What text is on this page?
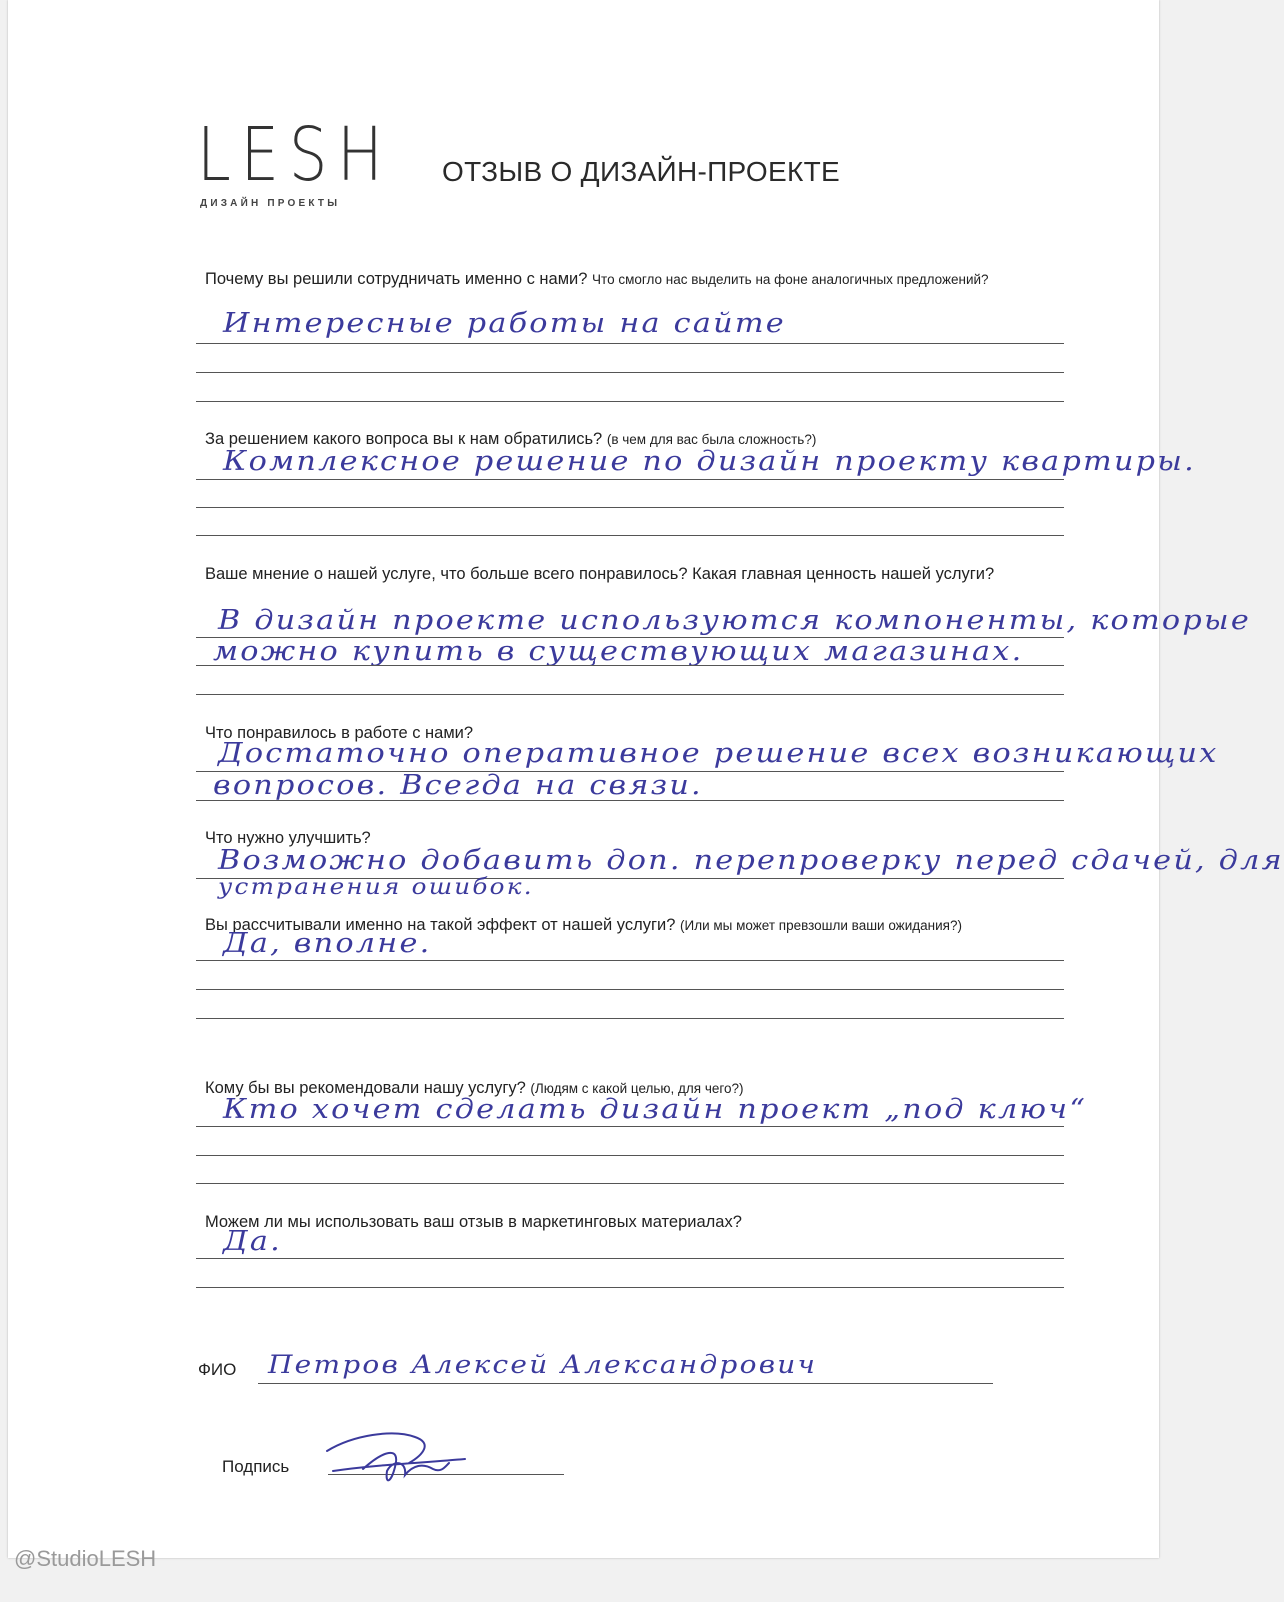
LESH
ДИЗАЙН ПРОЕКТЫ
ОТЗЫВ О ДИЗАЙН-ПРОЕКТЕ
Почему вы решили сотрудничать именно с нами? Что смогло нас выделить на фоне аналогичных предложений?
Интересные работы на сайте
За решением какого вопроса вы к нам обратились? (в чем для вас была сложность?)
Комплексное решение по дизайн проекту квартиры.
Ваше мнение о нашей услуге, что больше всего понравилось? Какая главная ценность нашей услуги?
В дизайн проекте используются компоненты, которые
можно купить в существующих магазинах.
Что понравилось в работе с нами?
Достаточно оперативное решение всех возникающих
вопросов. Всегда на связи.
Что нужно улучшить?
Возможно добавить доп. перепроверку перед сдачей, для
устранения ошибок.
Вы рассчитывали именно на такой эффект от нашей услуги? (Или мы может превзошли ваши ожидания?)
Да, вполне.
Кому бы вы рекомендовали нашу услугу? (Людям с какой целью, для чего?)
Кто хочет сделать дизайн проект „под ключ“
Можем ли мы использовать ваш отзыв в маркетинговых материалах?
Да.
ФИО Петров Алексей Александрович
Подпись
@StudioLESH
